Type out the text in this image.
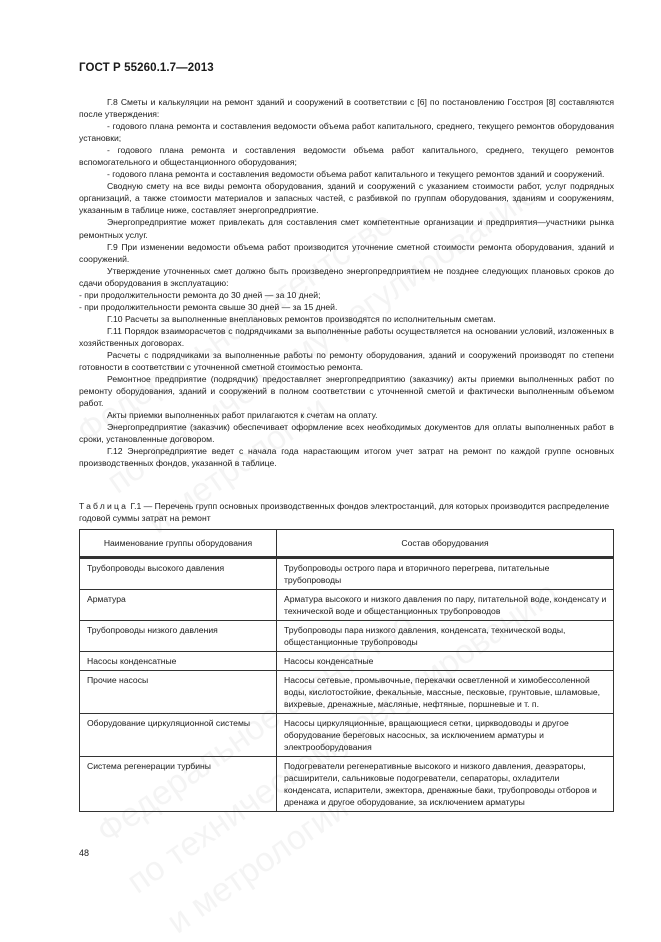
ГОСТ Р 55260.1.7—2013

Г.8 Сметы и калькуляции на ремонт зданий и сооружений в соответствии с [6] по постановлению Госстроя [8] составляются после утверждения:

- годового плана ремонта и составления ведомости объема работ капитального, среднего, текущего ремонтов оборудования установки;

- годового плана ремонта и составления ведомости объема работ капитального, среднего, текущего ремонтов вспомогательного и общестанционного оборудования;

- годового плана ремонта и составления ведомости объема работ капитального и текущего ремонтов зданий и сооружений.

Сводную смету на все виды ремонта оборудования, зданий и сооружений с указанием стоимости работ, услуг подрядных организаций, а также стоимости материалов и запасных частей, с разбивкой по группам оборудования, зданиям и сооружениям, указанным в таблице ниже, составляет энергопредприятие.

Энергопредприятие может привлекать для составления смет компетентные организации и предприятия—участники рынка ремонтных услуг.

Г.9 При изменении ведомости объема работ производится уточнение сметной стоимости ремонта оборудования, зданий и сооружений.

Утверждение уточненных смет должно быть произведено энергопредприятием не позднее следующих плановых сроков до сдачи оборудования в эксплуатацию:

- при продолжительности ремонта до 30 дней — за 10 дней;

- при продолжительности ремонта свыше 30 дней — за 15 дней.

Г.10 Расчеты за выполненные внеплановых ремонтов производятся по исполнительным сметам.

Г.11 Порядок взаиморасчетов с подрядчиками за выполненные работы осуществляется на основании условий, изложенных в хозяйственных договорах.

Расчеты с подрядчиками за выполненные работы по ремонту оборудования, зданий и сооружений производят по степени готовности в соответствии с уточненной сметной стоимостью ремонта.

Ремонтное предприятие (подрядчик) предоставляет энергопредприятию (заказчику) акты приемки выполненных работ по ремонту оборудования, зданий и сооружений в полном соответствии с уточненной сметой и фактически выполненным объемом работ.

Акты приемки выполненных работ прилагаются к счетам на оплату.

Энергопредприятие (заказчик) обеспечивает оформление всех необходимых документов для оплаты выполненных работ в сроки, установленные договором.

Г.12 Энергопредприятие ведет с начала года нарастающим итогом учет затрат на ремонт по каждой группе основных производственных фондов, указанной в таблице.

Таблица Г.1 — Перечень групп основных производственных фондов электростанций, для которых производится распределение годовой суммы затрат на ремонт
Наименование группы оборудования	Состав оборудования

Трубопроводы высокого давления	Трубопроводы острого пара и вторичного перегрева, питательные трубопроводы
Арматура	Арматура высокого и низкого давления по пару, питательной воде, конденсату и технической воде и общестанционных трубопроводов
Трубопроводы низкого давления	Трубопроводы пара низкого давления, конденсата, технической воды, общестанционные трубопроводы
Насосы конденсатные	Насосы конденсатные
Прочие насосы	Насосы сетевые, промывочные, перекачки осветленной и химобессоленной воды, кислотостойкие, фекальные, массные, песковые, грунтовые, шламовые, вихревые, дренажные, масляные, нефтяные, поршневые и т. п.
Оборудование циркуляционной системы	Насосы циркуляционные, вращающиеся сетки, циркводоводы и другое оборудование береговых насосных, за исключением арматуры и электрооборудования
Система регенерации турбины	Подогреватели регенеративные высокого и низкого давления, деаэраторы, расширители, сальниковые подогреватели, сепараторы, охладители конденсата, испарители, эжектора, дренажные баки, трубопроводы отборов и дренажа и другое оборудование, за исключением арматуры
48
